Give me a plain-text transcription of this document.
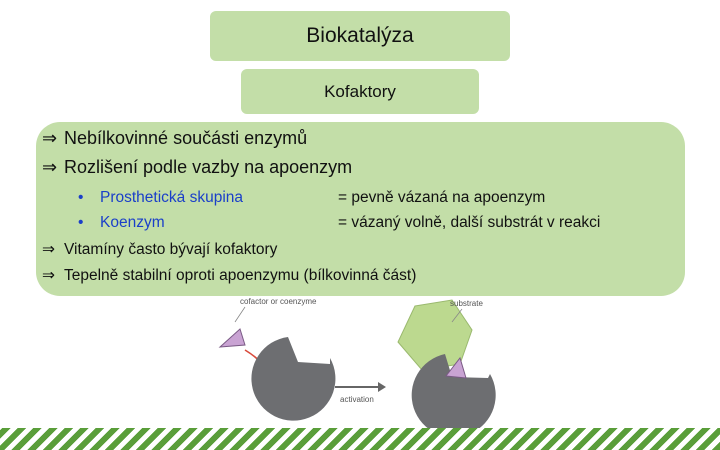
Biokatalýza
Kofaktory
⇒ Nebílkovinné součásti enzymů
⇒ Rozlišení podle vazby na apoenzym
• Prosthetická skupina	= pevně vázaná na apoenzym
• Koenzym	= vázaný volně, další substrát v reakci
⇒ Vitamíny často bývají kofaktory
⇒ Tepelně stabilní oproti apoenzymu (bílkovinná část)
cofactor or coenzyme
activation
substrate
